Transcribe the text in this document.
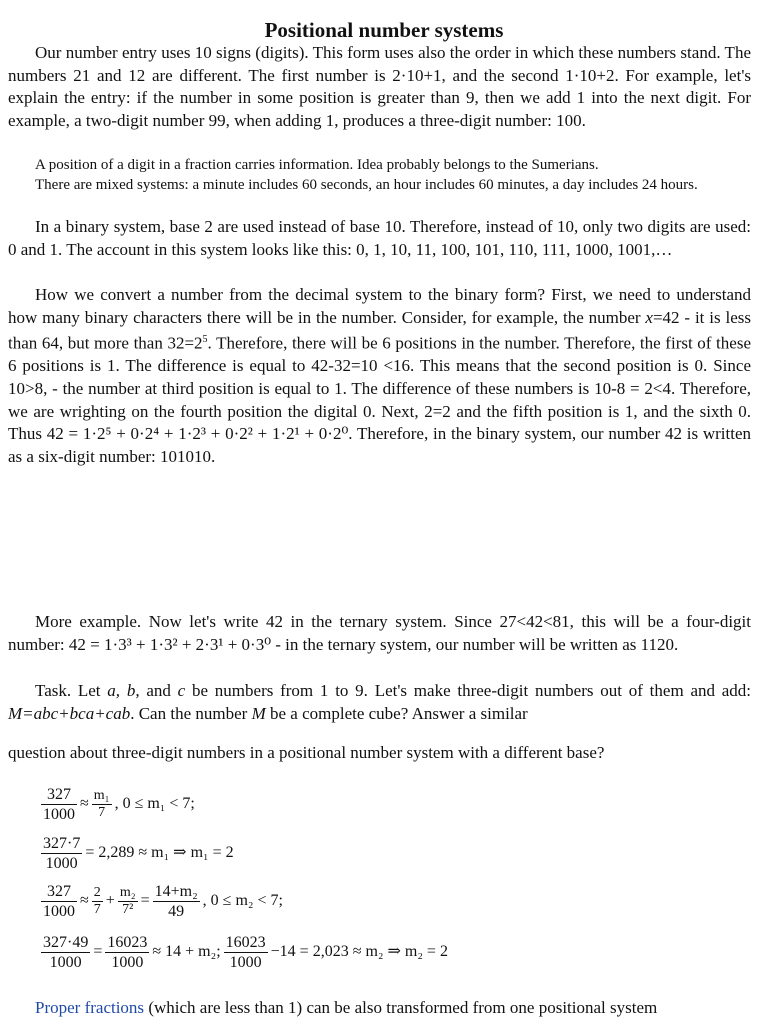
Positional number systems

Our number entry uses 10 signs (digits). This form uses also the order in which these numbers stand. The numbers 21 and 12 are different. The first number is 2·10+1, and the second 1·10+2. For example, let's explain the entry: if the number in some position is greater than 9, then we add 1 into the next digit. For example, a two-digit number 99, when adding 1, produces a three-digit number: 100.

A position of a digit in a fraction carries information. Idea probably belongs to the Sumerians.

There are mixed systems: a minute includes 60 seconds, an hour includes 60 minutes, a day includes 24 hours.

In a binary system, base 2 are used instead of base 10. Therefore, instead of 10, only two digits are used: 0 and 1. The account in this system looks like this: 0, 1, 10, 11, 100, 101, 110, 111, 1000, 1001,…

How we convert a number from the decimal system to the binary form? First, we need to understand how many binary characters there will be in the number. Consider, for example, the number x=42 - it is less than 64, but more than $32=2^5$. Therefore, there will be 6 positions in the number. Therefore, the first of these 6 positions is 1. The difference is equal to 42-32=10 <16. This means that the second position is 0. Since 10>8, - the number at third position is equal to 1. The difference of these numbers is 10-8 = 2<4. Therefore, we are wrighting on the fourth position the digital 0. Next, 2=2 and the fifth position is 1, and the sixth 0. Thus 42 = 1·2⁵ + 0·2⁴ + 1·2³ + 0·2² + 1·2¹ + 0·2⁰. Therefore, in the binary system, our number 42 is written as a six-digit number: 101010.

More example. Now let's write 42 in the ternary system. Since 27<42<81, this will be a four-digit number: 42 = 1·3³ + 1·3² + 2·3¹ + 0·3⁰ - in the ternary system, our number will be written as 1120.

Task. Let a, b, and c be numbers from 1 to 9. Let's make three-digit numbers out of them and add: M=abc+bca+cab. Can the number M be a complete cube? Answer a similar

question about three-digit numbers in a positional number system with a different base?

$\frac{327}{1000} \approx \frac{\text{m₁}}{7}$ , 0 ≤ m₁ < 7;
$\frac{327\cdot 7}{1000} = 2,289 \approx m_1$ ⇒ m₁ = 2
$\frac{327}{1000} \approx \frac{2}{7} + \frac{\text{m₂}}{\text{7²}} = \frac{\text{14+m₂}}{49}$ , 0 ≤ m₂ < 7;
$\frac{327\cdot 49}{1000} = \frac{16023}{1000} \approx 14 + m_2$; $\frac{16023}{1000} -14 = 2,023 \approx m_2$ ⇒ m₂ = 2

Proper fractions (which are less than 1) can be also transformed from one positional system
